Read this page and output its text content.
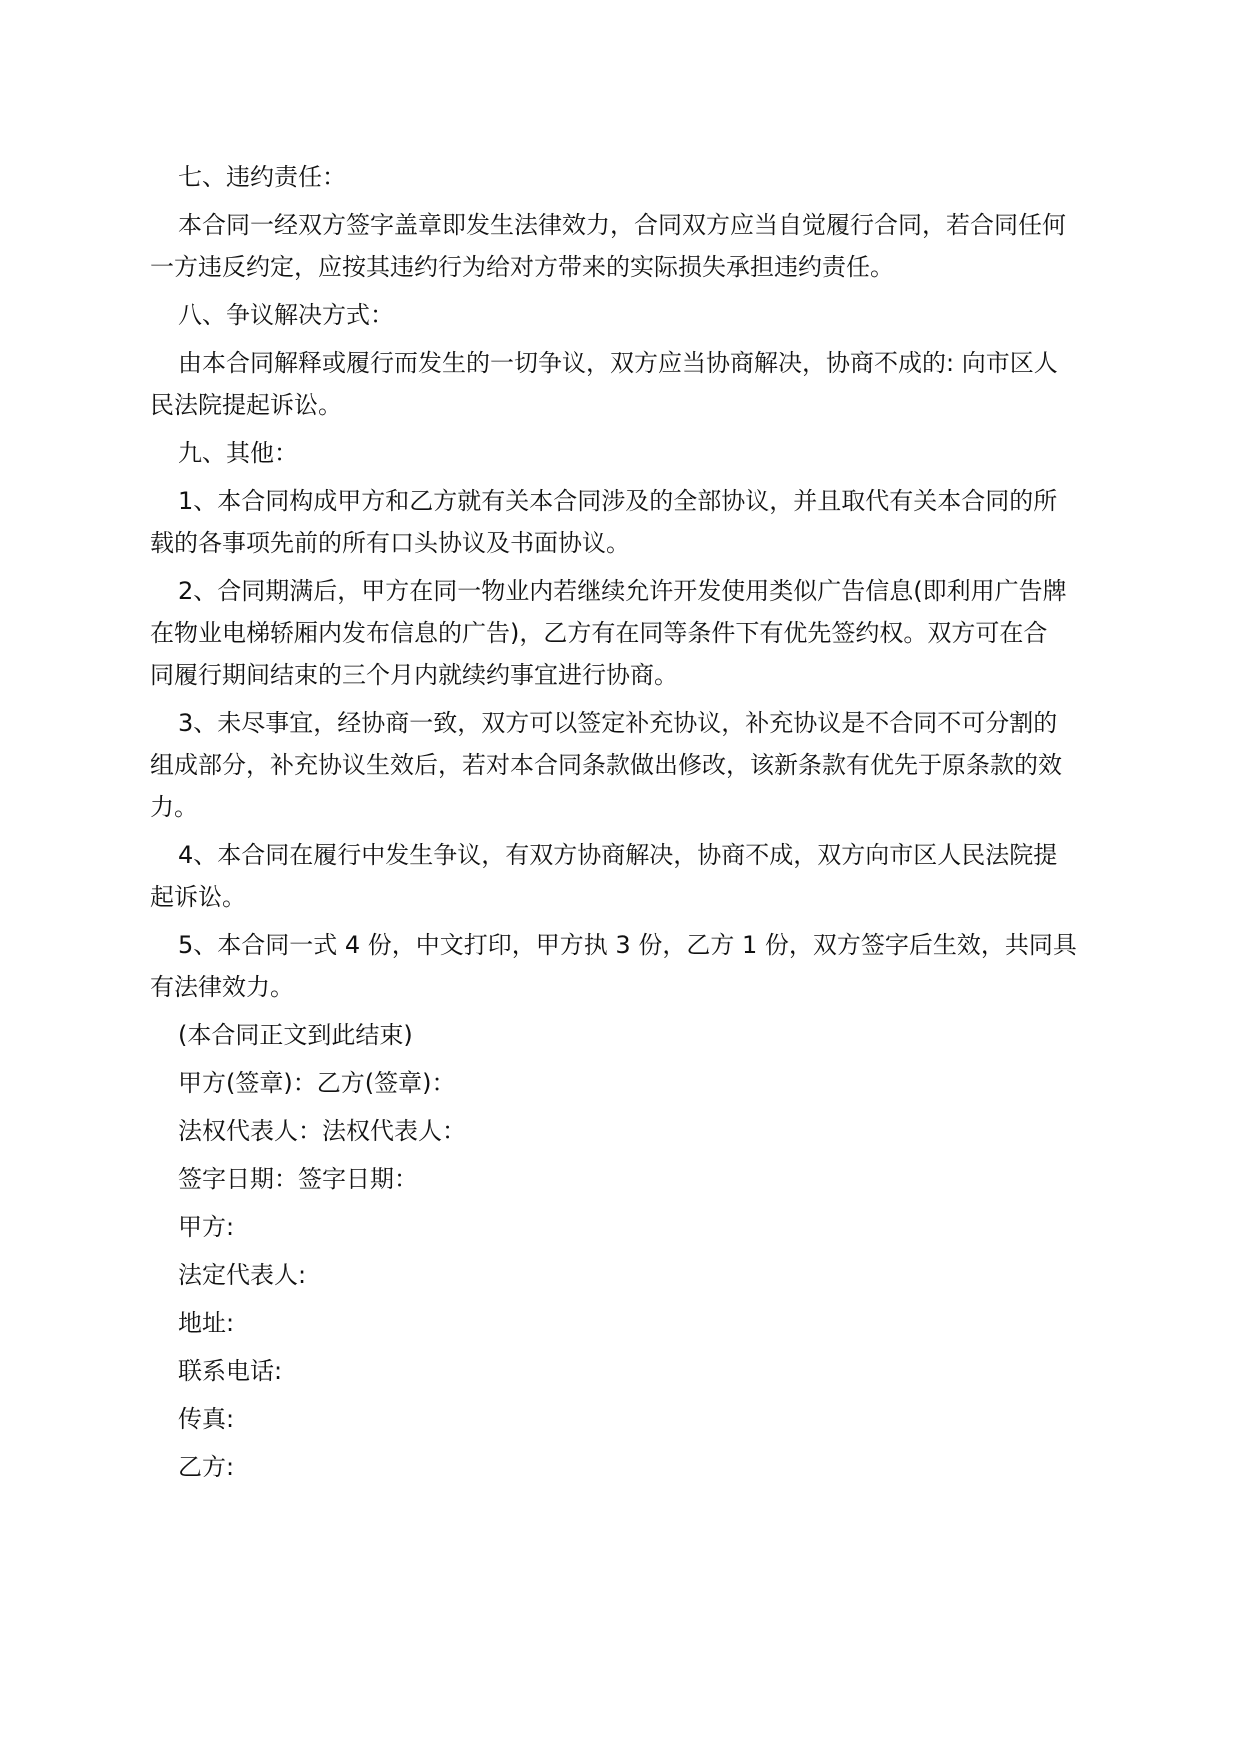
七、违约责任：

本合同一经双方签字盖章即发生法律效力，合同双方应当自觉履行合同，若合同任何
一方违反约定，应按其违约行为给对方带来的实际损失承担违约责任。

八、争议解决方式：

由本合同解释或履行而发生的一切争议，双方应当协商解决，协商不成的: 向市区人
民法院提起诉讼。

九、其他：

1、本合同构成甲方和乙方就有关本合同涉及的全部协议，并且取代有关本合同的所
载的各事项先前的所有口头协议及书面协议。

2、合同期满后，甲方在同一物业内若继续允许开发使用类似广告信息(即利用广告牌
在物业电梯轿厢内发布信息的广告)，乙方有在同等条件下有优先签约权。双方可在合
同履行期间结束的三个月内就续约事宜进行协商。

3、未尽事宜，经协商一致，双方可以签定补充协议，补充协议是不合同不可分割的
组成部分，补充协议生效后，若对本合同条款做出修改，该新条款有优先于原条款的效
力。

4、本合同在履行中发生争议，有双方协商解决，协商不成，双方向市区人民法院提
起诉讼。

5、本合同一式 4 份，中文打印，甲方执 3 份，乙方 1 份，双方签字后生效，共同具
有法律效力。

(本合同正文到此结束)

甲方(签章)：乙方(签章)：

法权代表人：法权代表人：

签字日期：签字日期：

甲方:

法定代表人:

地址:

联系电话:

传真:

乙方:
